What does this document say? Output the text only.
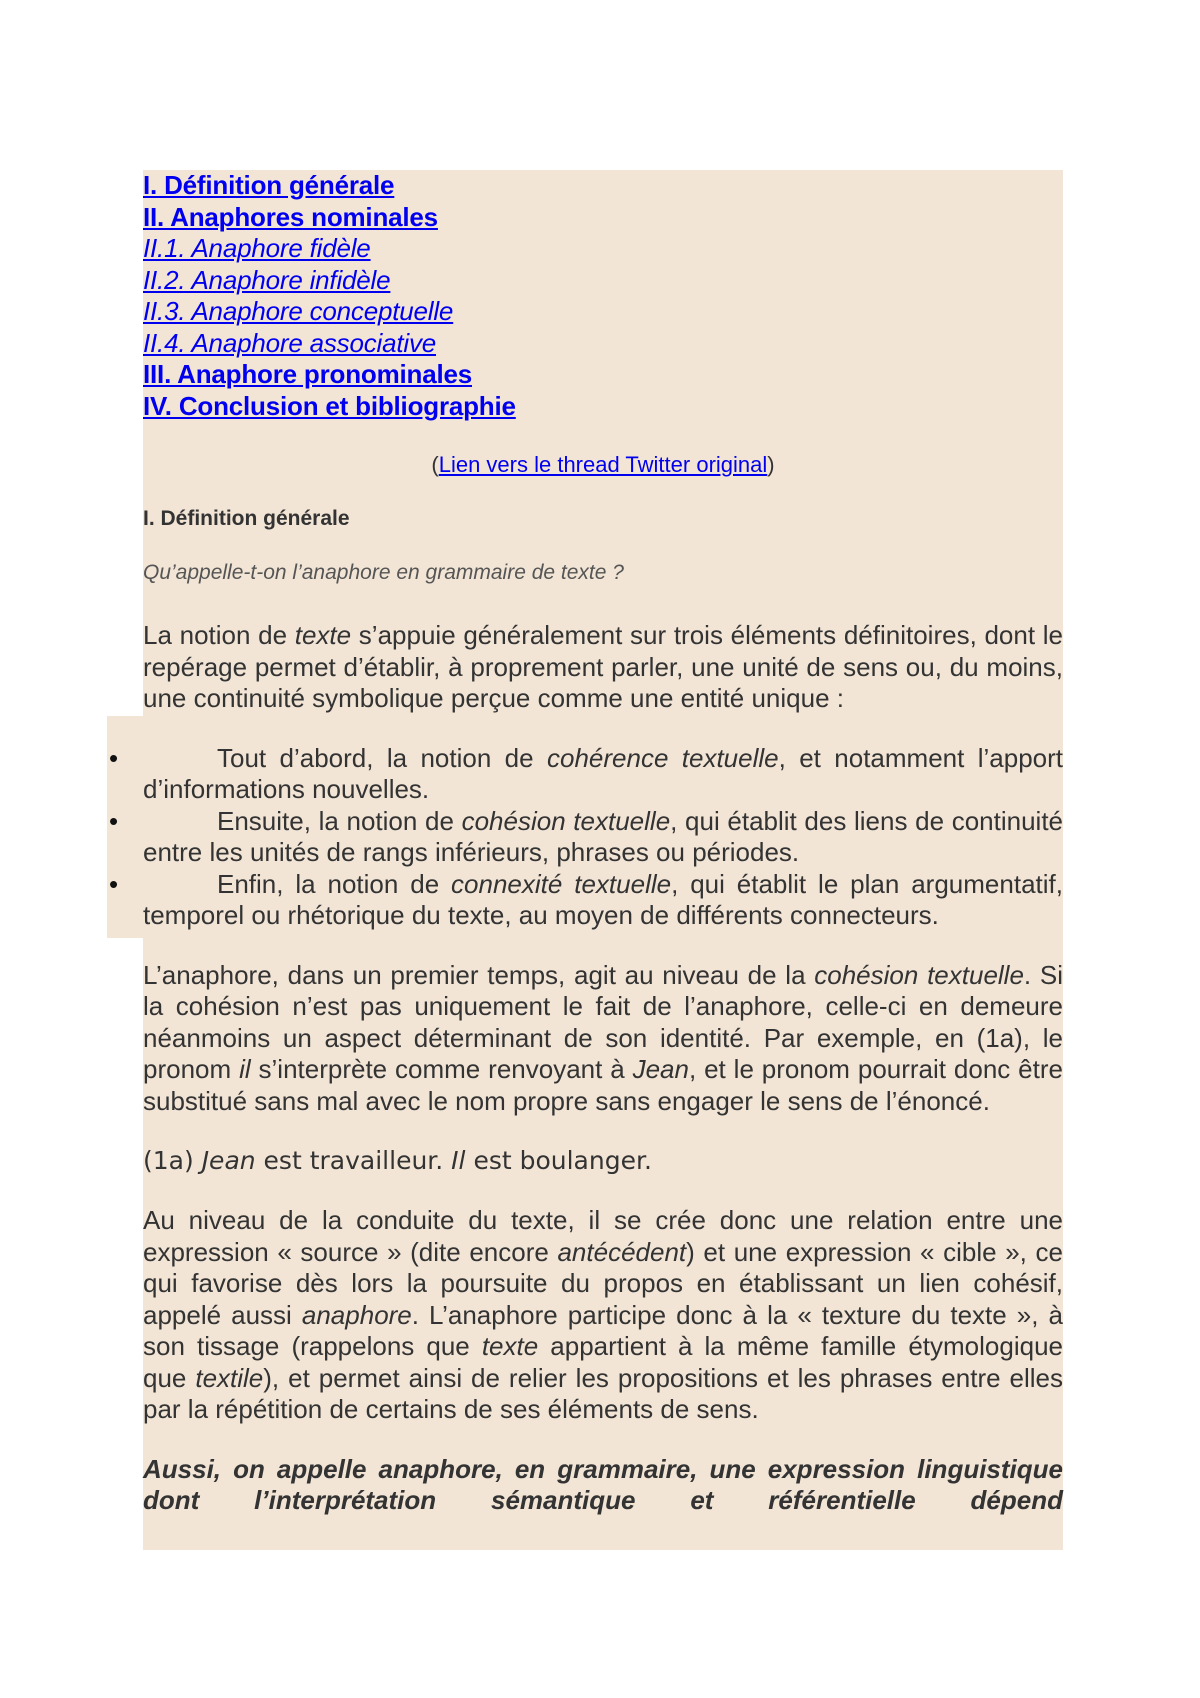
I. Définition générale
II. Anaphores nominales
II.1. Anaphore fidèle
II.2. Anaphore infidèle
II.3. Anaphore conceptuelle
II.4. Anaphore associative
III. Anaphore pronominales
IV. Conclusion et bibliographie
(Lien vers le thread Twitter original)
I. Définition générale
Qu’appelle-t-on l’anaphore en grammaire de texte ?

La notion de texte s’appuie généralement sur trois éléments définitoires, dont le repérage permet d’établir, à proprement parler, une unité de sens ou, du moins, une continuité symbolique perçue comme une entité unique :

•	Tout d’abord, la notion de cohérence textuelle, et notamment l’apport d’informations nouvelles.
•	Ensuite, la notion de cohésion textuelle, qui établit des liens de continuité entre les unités de rangs inférieurs, phrases ou périodes.
•	Enfin, la notion de connexité textuelle, qui établit le plan argumentatif, temporel ou rhétorique du texte, au moyen de différents connecteurs.

L’anaphore, dans un premier temps, agit au niveau de la cohésion textuelle. Si la cohésion n’est pas uniquement le fait de l’anaphore, celle-ci en demeure néanmoins un aspect déterminant de son identité. Par exemple, en (1a), le pronom il s’interprète comme renvoyant à Jean, et le pronom pourrait donc être substitué sans mal avec le nom propre sans engager le sens de l’énoncé.

(1a) Jean est travailleur. Il est boulanger.

Au niveau de la conduite du texte, il se crée donc une relation entre une expression « source » (dite encore antécédent) et une expression « cible », ce qui favorise dès lors la poursuite du propos en établissant un lien cohésif, appelé aussi anaphore. L’anaphore participe donc à la « texture du texte », à son tissage (rappelons que texte appartient à la même famille étymologique que textile), et permet ainsi de relier les propositions et les phrases entre elles par la répétition de certains de ses éléments de sens.

Aussi, on appelle anaphore, en grammaire, une expression linguistique dont l’interprétation sémantique et référentielle dépend
